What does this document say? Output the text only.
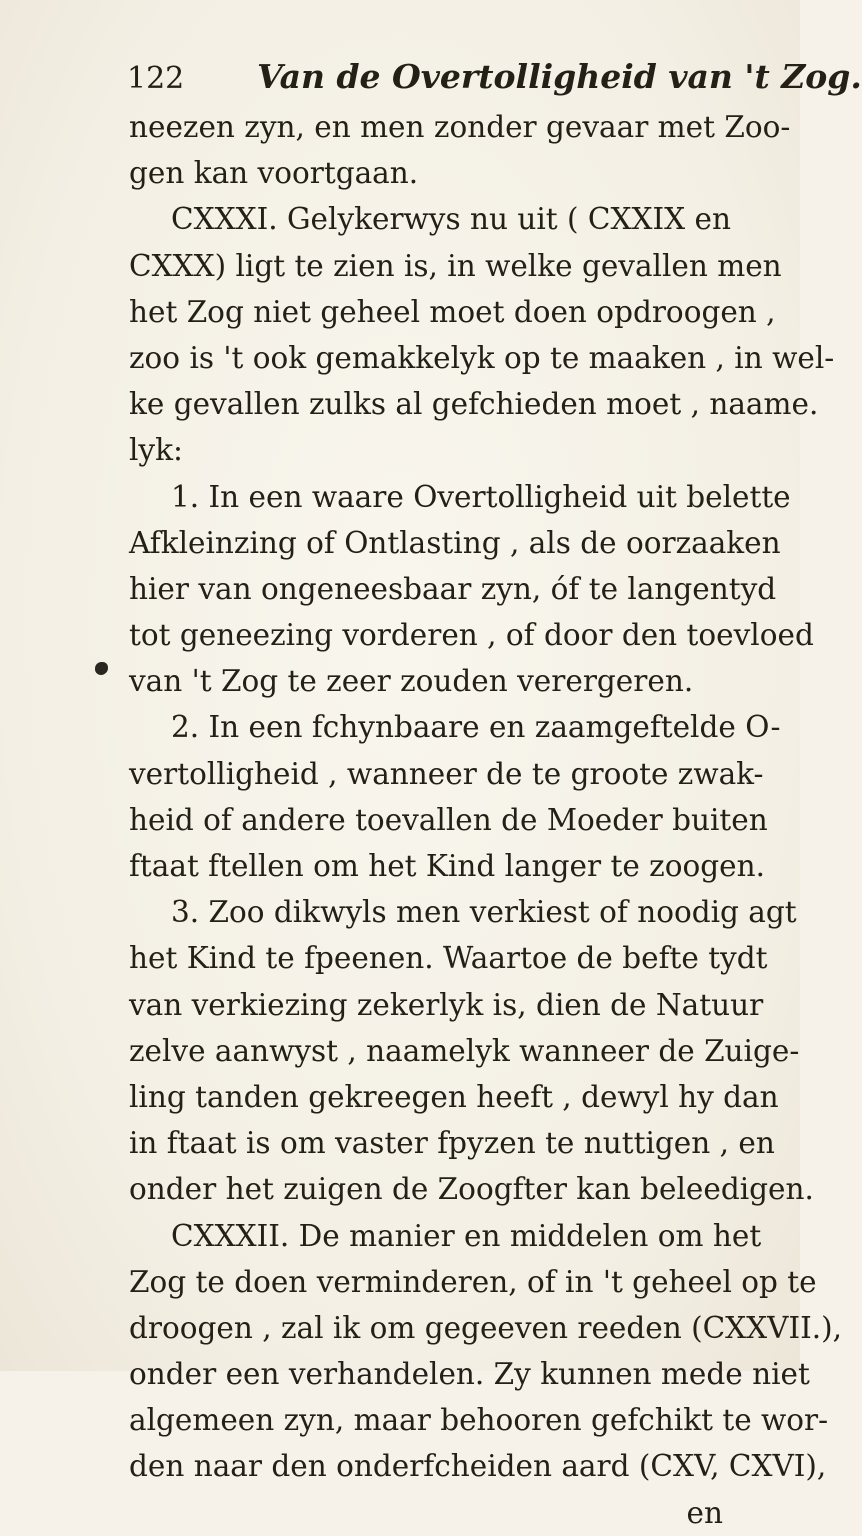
122 Van de Overtolligheid van 't Zog.
neezen zyn, en men zonder gevaar met Zoo-
gen kan voortgaan.
CXXXI. Gelykerwys nu uit ( CXXIX en
CXXX) ligt te zien is, in welke gevallen men
het Zog niet geheel moet doen opdroogen ,
zoo is 't ook gemakkelyk op te maaken , in wel-
ke gevallen zulks al gefchieden moet , naame.
lyk:
1. In een waare Overtolligheid uit belette
Afkleinzing of Ontlasting , als de oorzaaken
hier van ongeneesbaar zyn, óf te langentyd
tot geneezing vorderen , of door den toevloed
van 't Zog te zeer zouden verergeren.
2. In een fchynbaare en zaamgeftelde O-
vertolligheid , wanneer de te groote zwak-
heid of andere toevallen de Moeder buiten
ftaat ftellen om het Kind langer te zoogen.
3. Zoo dikwyls men verkiest of noodig agt
het Kind te fpeenen. Waartoe de befte tydt
van verkiezing zekerlyk is, dien de Natuur
zelve aanwyst , naamelyk wanneer de Zuige-
ling tanden gekreegen heeft , dewyl hy dan
in ftaat is om vaster fpyzen te nuttigen , en
onder het zuigen de Zoogfter kan beleedigen.
CXXXII. De manier en middelen om het
Zog te doen verminderen, of in 't geheel op te
droogen , zal ik om gegeeven reeden (CXXVII.),
onder een verhandelen. Zy kunnen mede niet
algemeen zyn, maar behooren gefchikt te wor-
den naar den onderfcheiden aard (CXV, CXVI),
en
